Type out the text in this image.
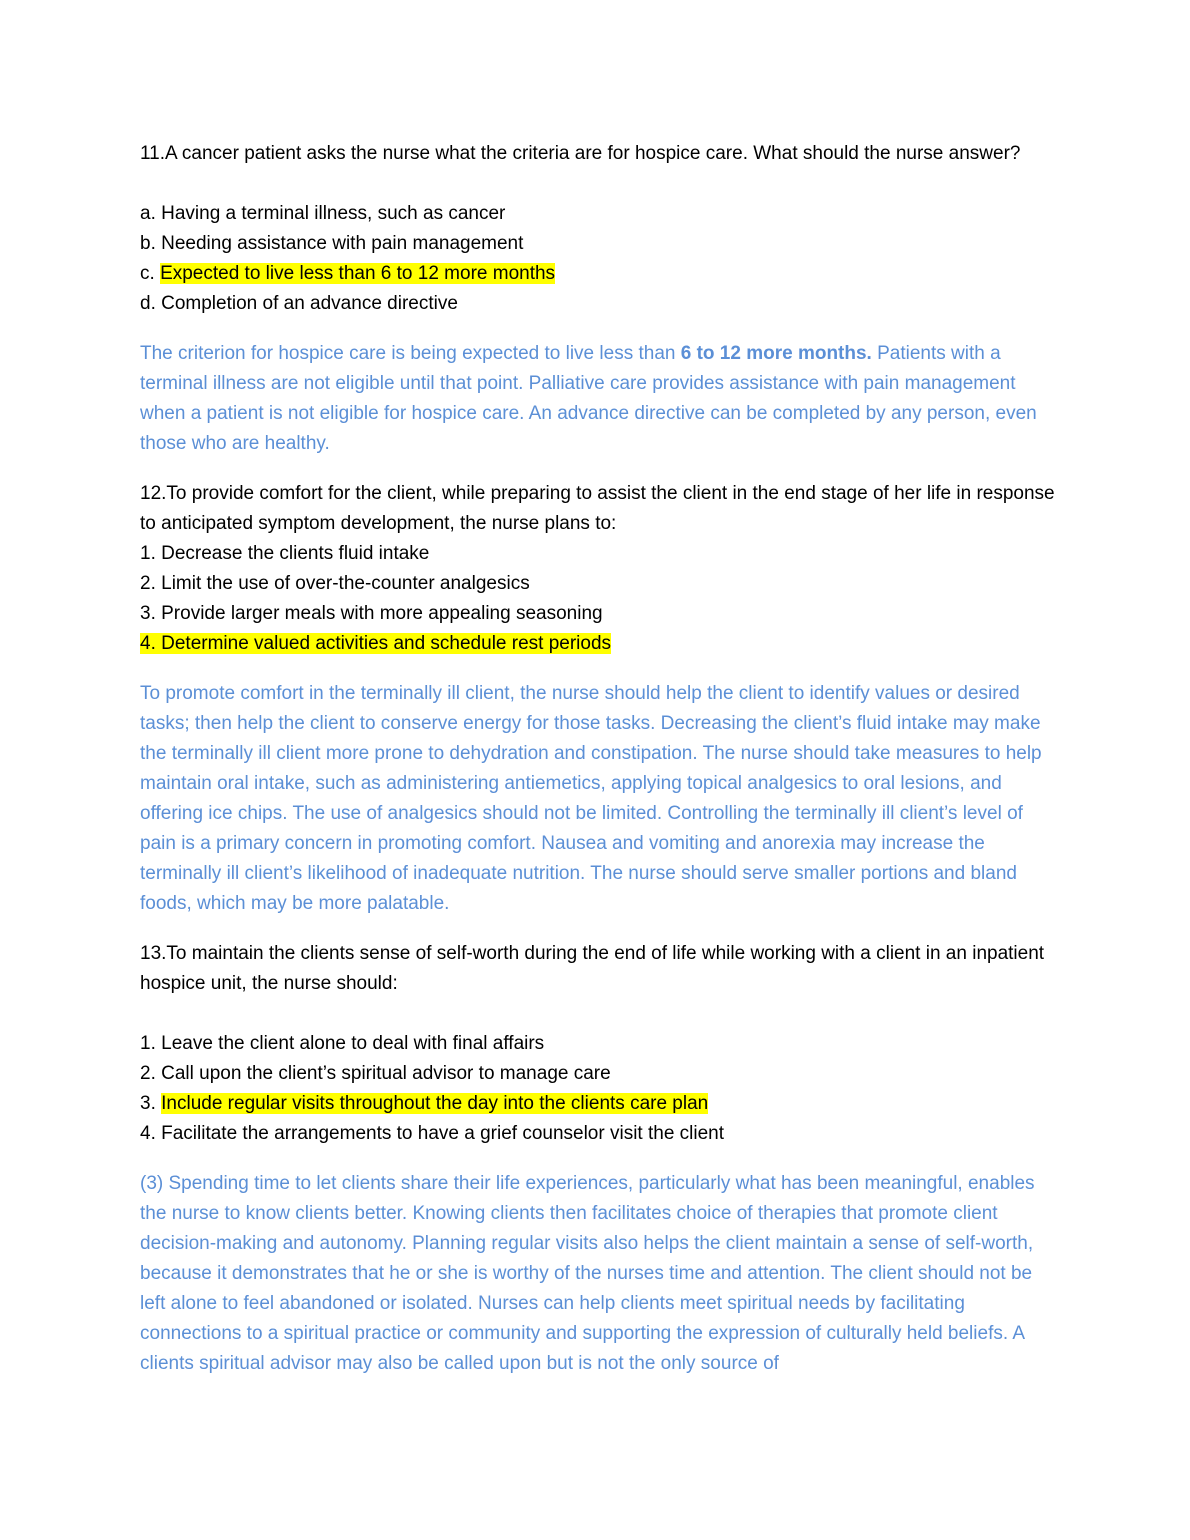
11.A cancer patient asks the nurse what the criteria are for hospice care. What should the nurse answer?

a. Having a terminal illness, such as cancer

b. Needing assistance with pain management

c. Expected to live less than 6 to 12 more months

d. Completion of an advance directive

The criterion for hospice care is being expected to live less than 6 to 12 more months. Patients with a terminal illness are not eligible until that point. Palliative care provides assistance with pain management when a patient is not eligible for hospice care. An advance directive can be completed by any person, even those who are healthy.

12.To provide comfort for the client, while preparing to assist the client in the end stage of her life in response to anticipated symptom development, the nurse plans to:

1. Decrease the clients fluid intake

2. Limit the use of over-the-counter analgesics

3. Provide larger meals with more appealing seasoning

4. Determine valued activities and schedule rest periods

To promote comfort in the terminally ill client, the nurse should help the client to identify values or desired tasks; then help the client to conserve energy for those tasks. Decreasing the client’s fluid intake may make the terminally ill client more prone to dehydration and constipation. The nurse should take measures to help maintain oral intake, such as administering antiemetics, applying topical analgesics to oral lesions, and offering ice chips. The use of analgesics should not be limited. Controlling the terminally ill client’s level of pain is a primary concern in promoting comfort. Nausea and vomiting and anorexia may increase the terminally ill client’s likelihood of inadequate nutrition. The nurse should serve smaller portions and bland foods, which may be more palatable.

13.To maintain the clients sense of self-worth during the end of life while working with a client in an inpatient hospice unit, the nurse should:

1. Leave the client alone to deal with final affairs

2. Call upon the client’s spiritual advisor to manage care

3. Include regular visits throughout the day into the clients care plan

4. Facilitate the arrangements to have a grief counselor visit the client

(3) Spending time to let clients share their life experiences, particularly what has been meaningful, enables the nurse to know clients better. Knowing clients then facilitates choice of therapies that promote client decision-making and autonomy. Planning regular visits also helps the client maintain a sense of self-worth, because it demonstrates that he or she is worthy of the nurses time and attention. The client should not be left alone to feel abandoned or isolated. Nurses can help clients meet spiritual needs by facilitating connections to a spiritual practice or community and supporting the expression of culturally held beliefs. A clients spiritual advisor may also be called upon but is not the only source of
